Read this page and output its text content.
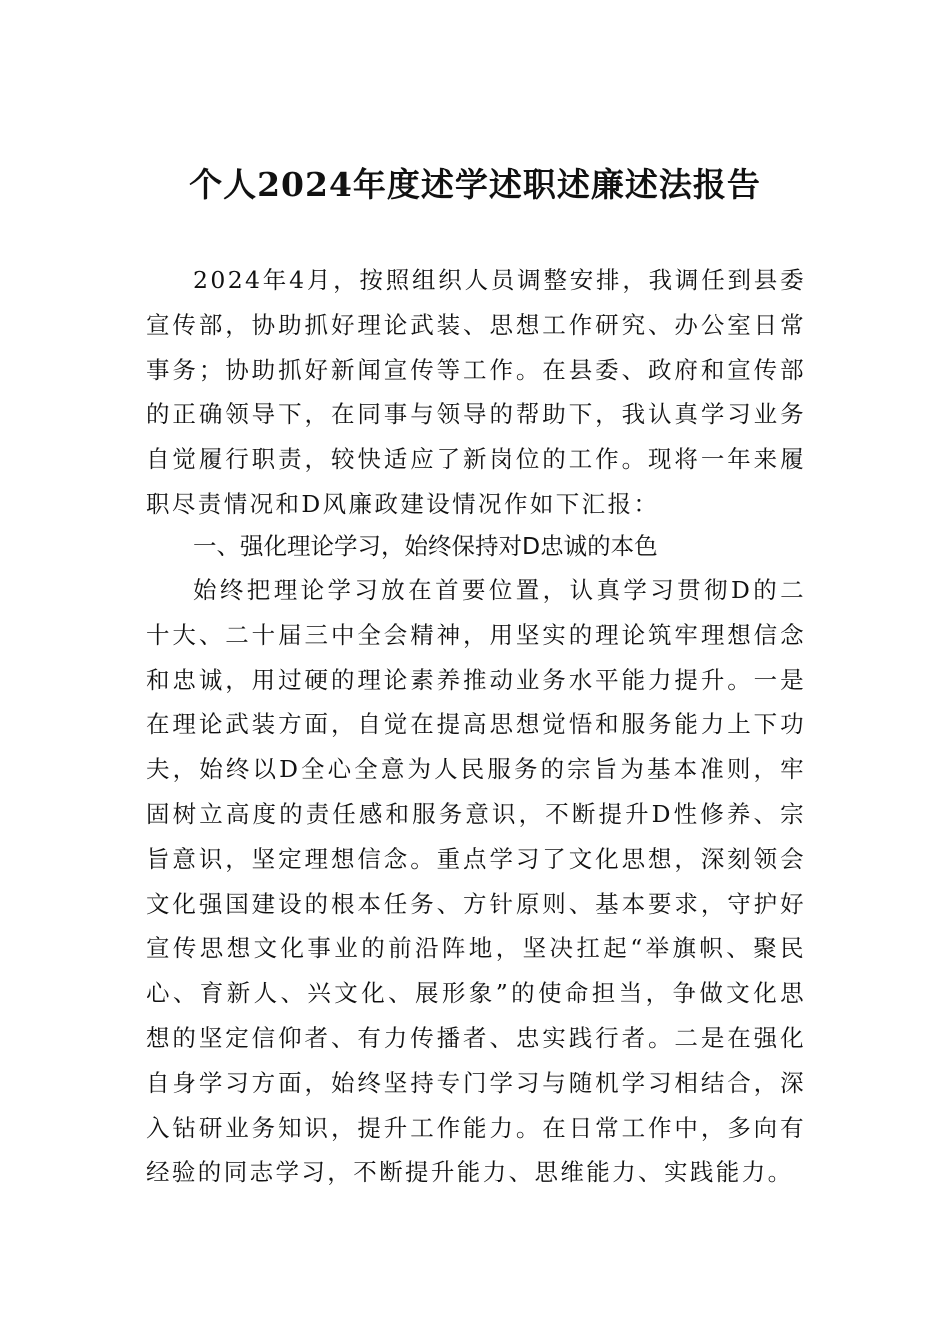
个人2024年度述学述职述廉述法报告

2024年4月，按照组织人员调整安排，我调任到县委宣传部，协助抓好理论武装、思想工作研究、办公室日常事务；协助抓好新闻宣传等工作。在县委、政府和宣传部的正确领导下，在同事与领导的帮助下，我认真学习业务自觉履行职责，较快适应了新岗位的工作。现将一年来履职尽责情况和D风廉政建设情况作如下汇报：

一、强化理论学习，始终保持对D忠诚的本色

始终把理论学习放在首要位置，认真学习贯彻D的二十大、二十届三中全会精神，用坚实的理论筑牢理想信念和忠诚，用过硬的理论素养推动业务水平能力提升。一是在理论武装方面，自觉在提高思想觉悟和服务能力上下功夫，始终以D全心全意为人民服务的宗旨为基本准则，牢固树立高度的责任感和服务意识，不断提升D性修养、宗旨意识，坚定理想信念。重点学习了文化思想，深刻领会文化强国建设的根本任务、方针原则、基本要求，守护好宣传思想文化事业的前沿阵地，坚决扛起“举旗帜、聚民心、育新人、兴文化、展形象”的使命担当，争做文化思想的坚定信仰者、有力传播者、忠实践行者。二是在强化自身学习方面，始终坚持专门学习与随机学习相结合，深入钻研业务知识，提升工作能力。在日常工作中，多向有经验的同志学习，不断提升能力、思维能力、实践能力。
